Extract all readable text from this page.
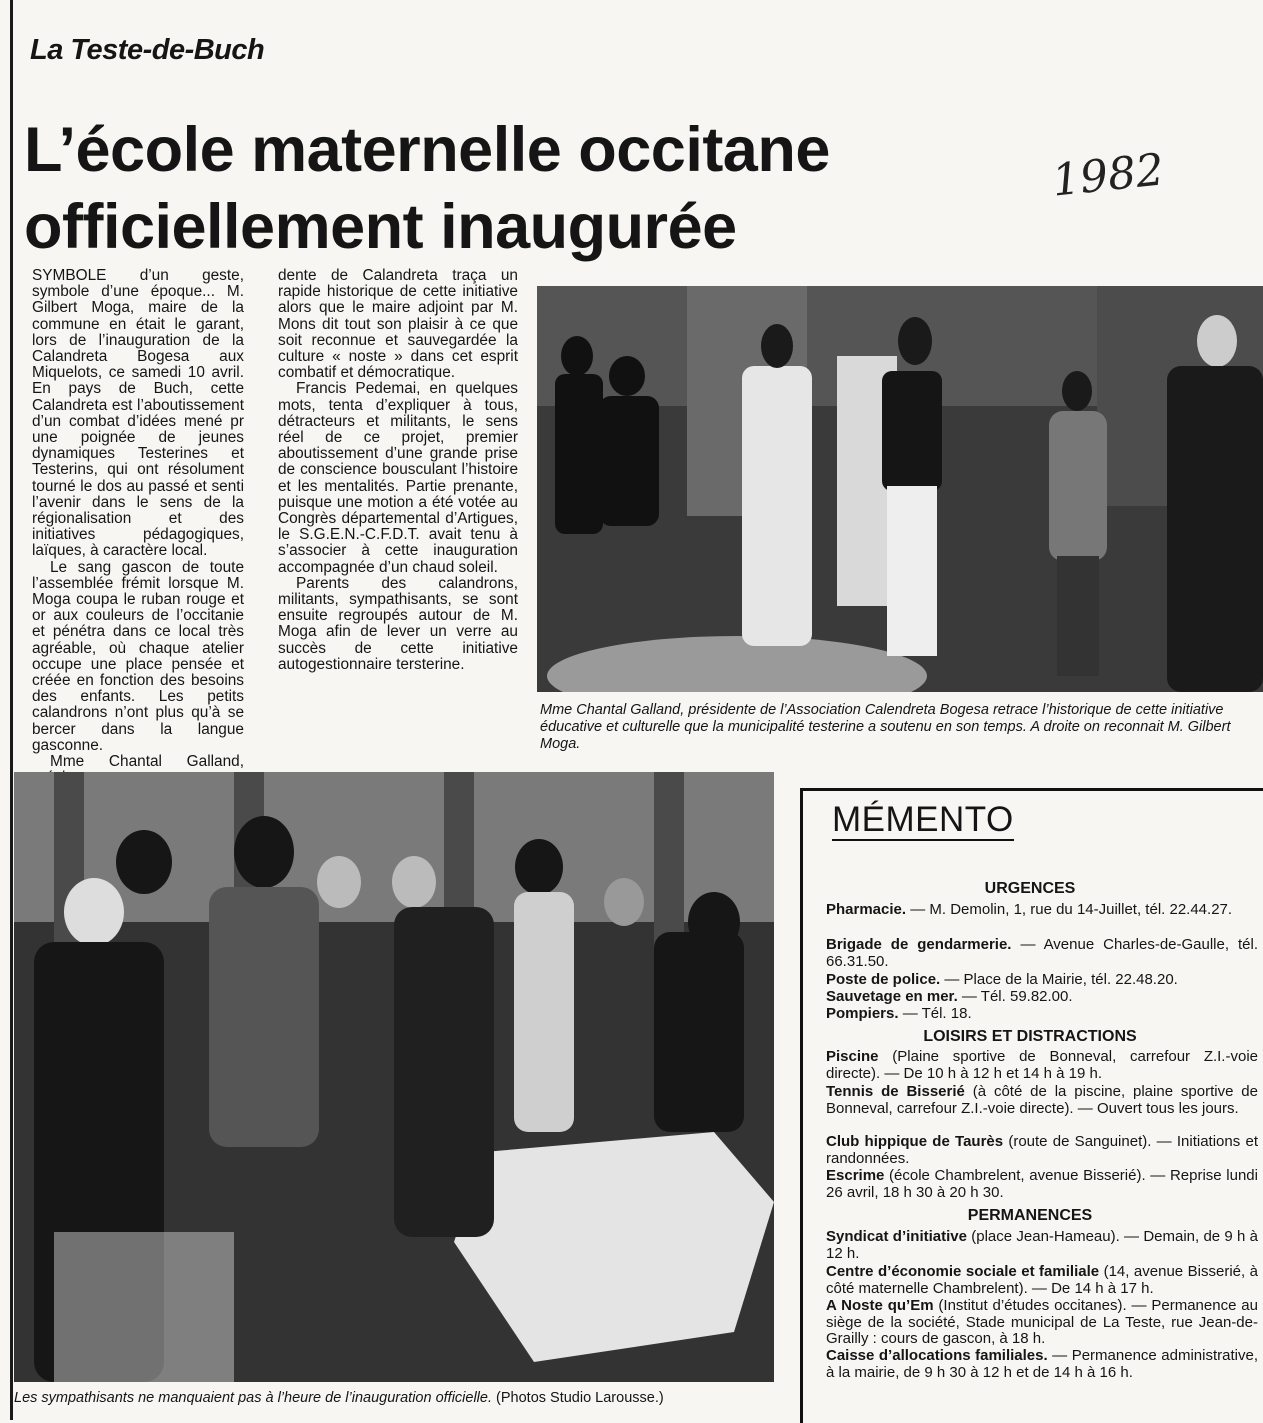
La Teste-de-Buch
L’école maternelle occitane
officiellement inaugurée
1982

SYMBOLE d’un geste, symbole d’une époque... M. Gilbert Moga, maire de la commune en était le garant, lors de l’inauguration de la Calandreta Bogesa aux Miquelots, ce samedi 10 avril. En pays de Buch, cette Calandreta est l’aboutissement d’un combat d’idées mené pr une poignée de jeunes dynamiques Testerines et Testerins, qui ont résolument tourné le dos au passé et senti l’avenir dans le sens de la régionalisation et des initiatives pédagogiques, laïques, à caractère local.

Le sang gascon de toute l’assemblée frémit lorsque M. Moga coupa le ruban rouge et or aux couleurs de l’occitanie et pénétra dans ce local très agréable, où chaque atelier occupe une place pensée et créée en fonction des besoins des enfants. Les petits calandrons n’ont plus qu’à se bercer dans la langue gasconne.

Mme Chantal Galland,

dente de Calandreta traça un rapide historique de cette initiative alors que le maire adjoint par M. Mons dit tout son plaisir à ce que soit reconnue et sauvegardée la culture « noste » dans cet esprit combatif et démocratique.

Francis Pedemai, en quelques mots, tenta d’expliquer à tous, détracteurs et militants, le sens réel de ce projet, premier aboutissement d’une grande prise de conscience bousculant l’histoire et les mentalités. Partie prenante, puisque une motion a été votée au Congrès départemental d’Artigues, le S.G.E.N.-C.F.D.T. avait tenu à s’associer à cette inauguration accompagnée d’un chaud soleil.

Parents des calandrons, militants, sympathisants, se sont ensuite regroupés autour de M. Moga afin de lever un verre au succès de cette initiative autogestionnaire tersterine.

Mme Chantal Galland, présidente de l’Association Calendreta Bogesa retrace l’historique de cette initiative éducative et culturelle que la municipalité testerine a soutenu en son temps. A droite on reconnait M. Gilbert Moga.
Les sympathisants ne manquaient pas à l’heure de l’inauguration officielle. (Photos Studio Larousse.)
MÉMENTO
URGENCES
Pharmacie. — M. Demolin, 1, rue du 14-Juillet, tél. 22.44.27.
Brigade de gendarmerie. — Avenue Charles-de-Gaulle, tél. 66.31.50.
Poste de police. — Place de la Mairie, tél. 22.48.20.
Sauvetage en mer. — Tél. 59.82.00.
Pompiers. — Tél. 18.
LOISIRS ET DISTRACTIONS
Piscine (Plaine sportive de Bonneval, carrefour Z.I.-voie directe). — De 10 h à 12 h et 14 h à 19 h.
Tennis de Bisserié (à côté de la piscine, plaine sportive de Bonneval, carrefour Z.I.-voie directe). — Ouvert tous les jours.
Club hippique de Taurès (route de Sanguinet). — Initiations et randonnées.
Escrime (école Chambrelent, avenue Bisserié). — Reprise lundi 26 avril, 18 h 30 à 20 h 30.
PERMANENCES
Syndicat d’initiative (place Jean-Hameau). — Demain, de 9 h à 12 h.
Centre d’économie sociale et familiale (14, avenue Bisserié, à côté maternelle Chambrelent). — De 14 h à 17 h.
A Noste qu’Em (Institut d’études occitanes). — Permanence au siège de la société, Stade municipal de La Teste, rue Jean-de-Grailly : cours de gascon, à 18 h.
Caisse d’allocations familiales. — Permanence administrative, à la mairie, de 9 h 30 à 12 h et de 14 h à 16 h.
